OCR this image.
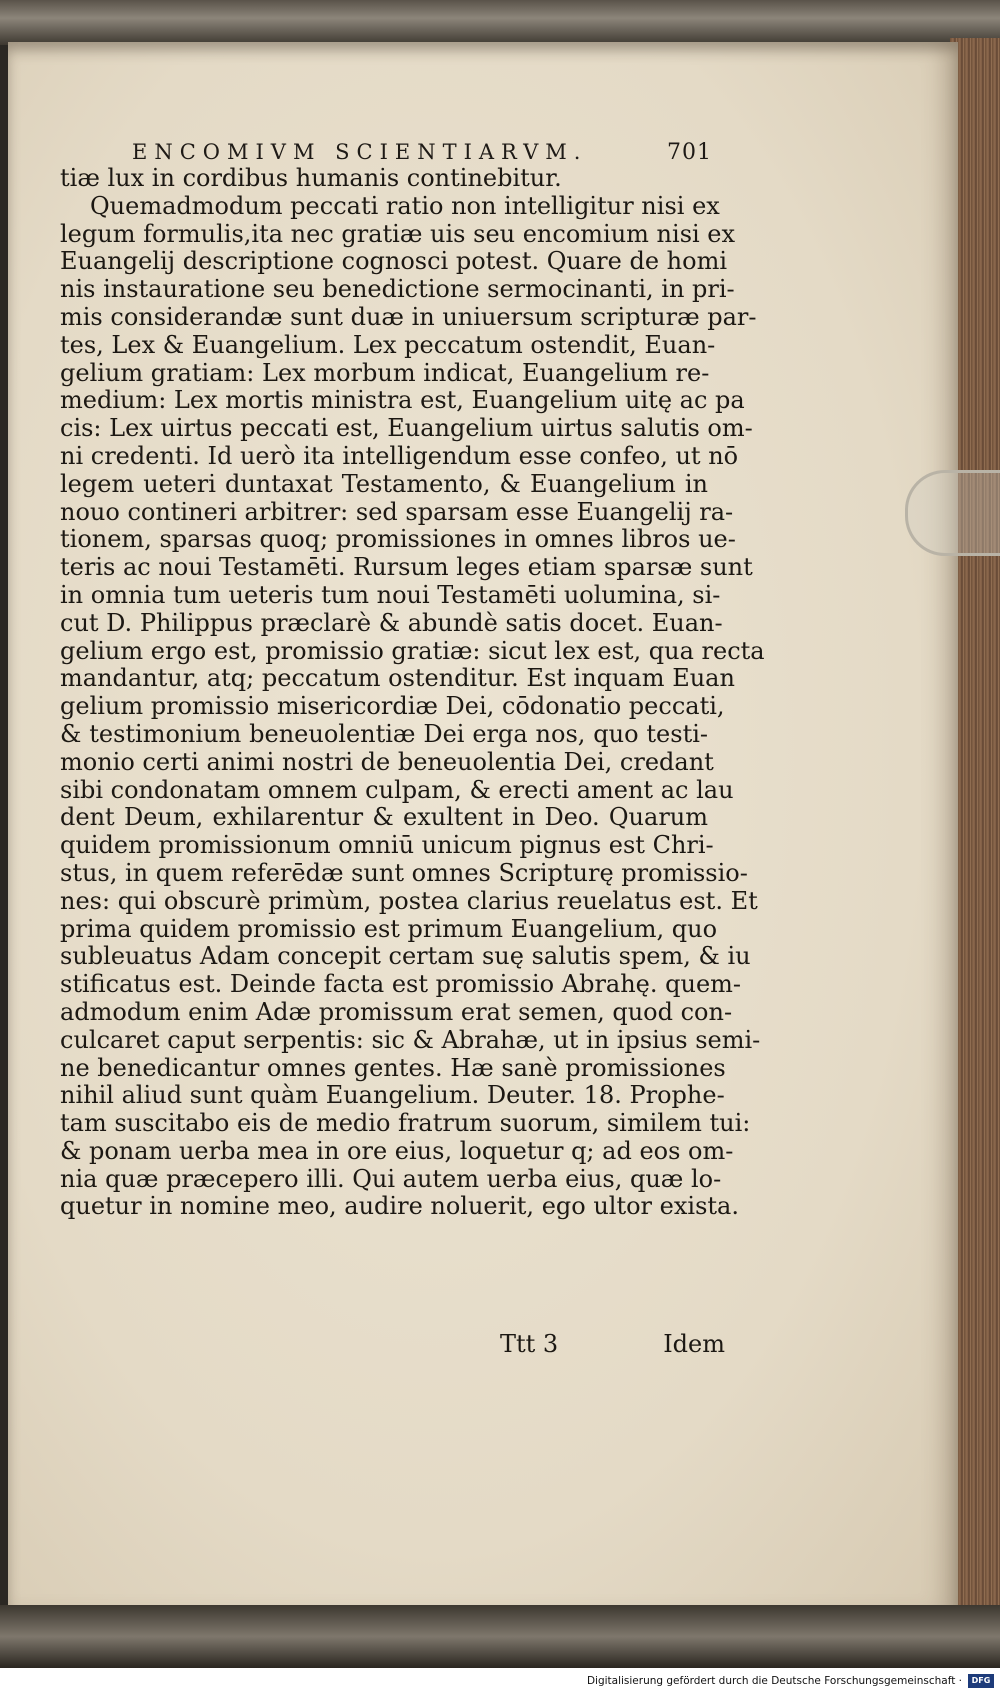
ENCOMIVM SCIENTIARVM.	701
tiæ lux in cordibus humanis continebitur.
Quemadmodum peccati ratio non intelligitur nisi ex
legum formulis,ita nec gratiæ uis seu encomium nisi ex
Euangelij descriptione cognosci potest. Quare de homi
nis instauratione seu benedictione sermocinanti, in pri-
mis considerandæ sunt duæ in uniuersum scripturæ par-
tes, Lex & Euangelium. Lex peccatum ostendit, Euan-
gelium gratiam: Lex morbum indicat, Euangelium re-
medium: Lex mortis ministra est, Euangelium uitę ac pa
cis: Lex uirtus peccati est, Euangelium uirtus salutis om-
ni credenti. Id uerò ita intelligendum esse confeo, ut nō
legem ueteri duntaxat Testamento, & Euangelium in
nouo contineri arbitrer: sed sparsam esse Euangelij ra-
tionem, sparsas quoq; promissiones in omnes libros ue-
teris ac noui Testamēti. Rursum leges etiam sparsæ sunt
in omnia tum ueteris tum noui Testamēti uolumina, si-
cut D. Philippus præclarè & abundè satis docet. Euan-
gelium ergo est, promissio gratiæ: sicut lex est, qua recta
mandantur, atq; peccatum ostenditur. Est inquam Euan
gelium promissio misericordiæ Dei, cōdonatio peccati,
& testimonium beneuolentiæ Dei erga nos, quo testi-
monio certi animi nostri de beneuolentia Dei, credant
sibi condonatam omnem culpam, & erecti ament ac lau
dent Deum, exhilarentur & exultent in Deo. Quarum
quidem promissionum omniū unicum pignus est Chri-
stus, in quem referēdæ sunt omnes Scripturę promissio-
nes: qui obscurè primùm, postea clarius reuelatus est. Et
prima quidem promissio est primum Euangelium, quo
subleuatus Adam concepit certam suę salutis spem, & iu
stificatus est. Deinde facta est promissio Abrahę. quem-
admodum enim Adæ promissum erat semen, quod con-
culcaret caput serpentis: sic & Abrahæ, ut in ipsius semi-
ne benedicantur omnes gentes. Hæ sanè promissiones
nihil aliud sunt quàm Euangelium. Deuter. 18. Prophe-
tam suscitabo eis de medio fratrum suorum, similem tui:
& ponam uerba mea in ore eius, loquetur q; ad eos om-
nia quæ præcepero illi. Qui autem uerba eius, quæ lo-
quetur in nomine meo, audire noluerit, ego ultor exista.
Ttt 3	Idem
Digitalisierung gefördert durch die Deutsche Forschungsgemeinschaft ·	DFG
